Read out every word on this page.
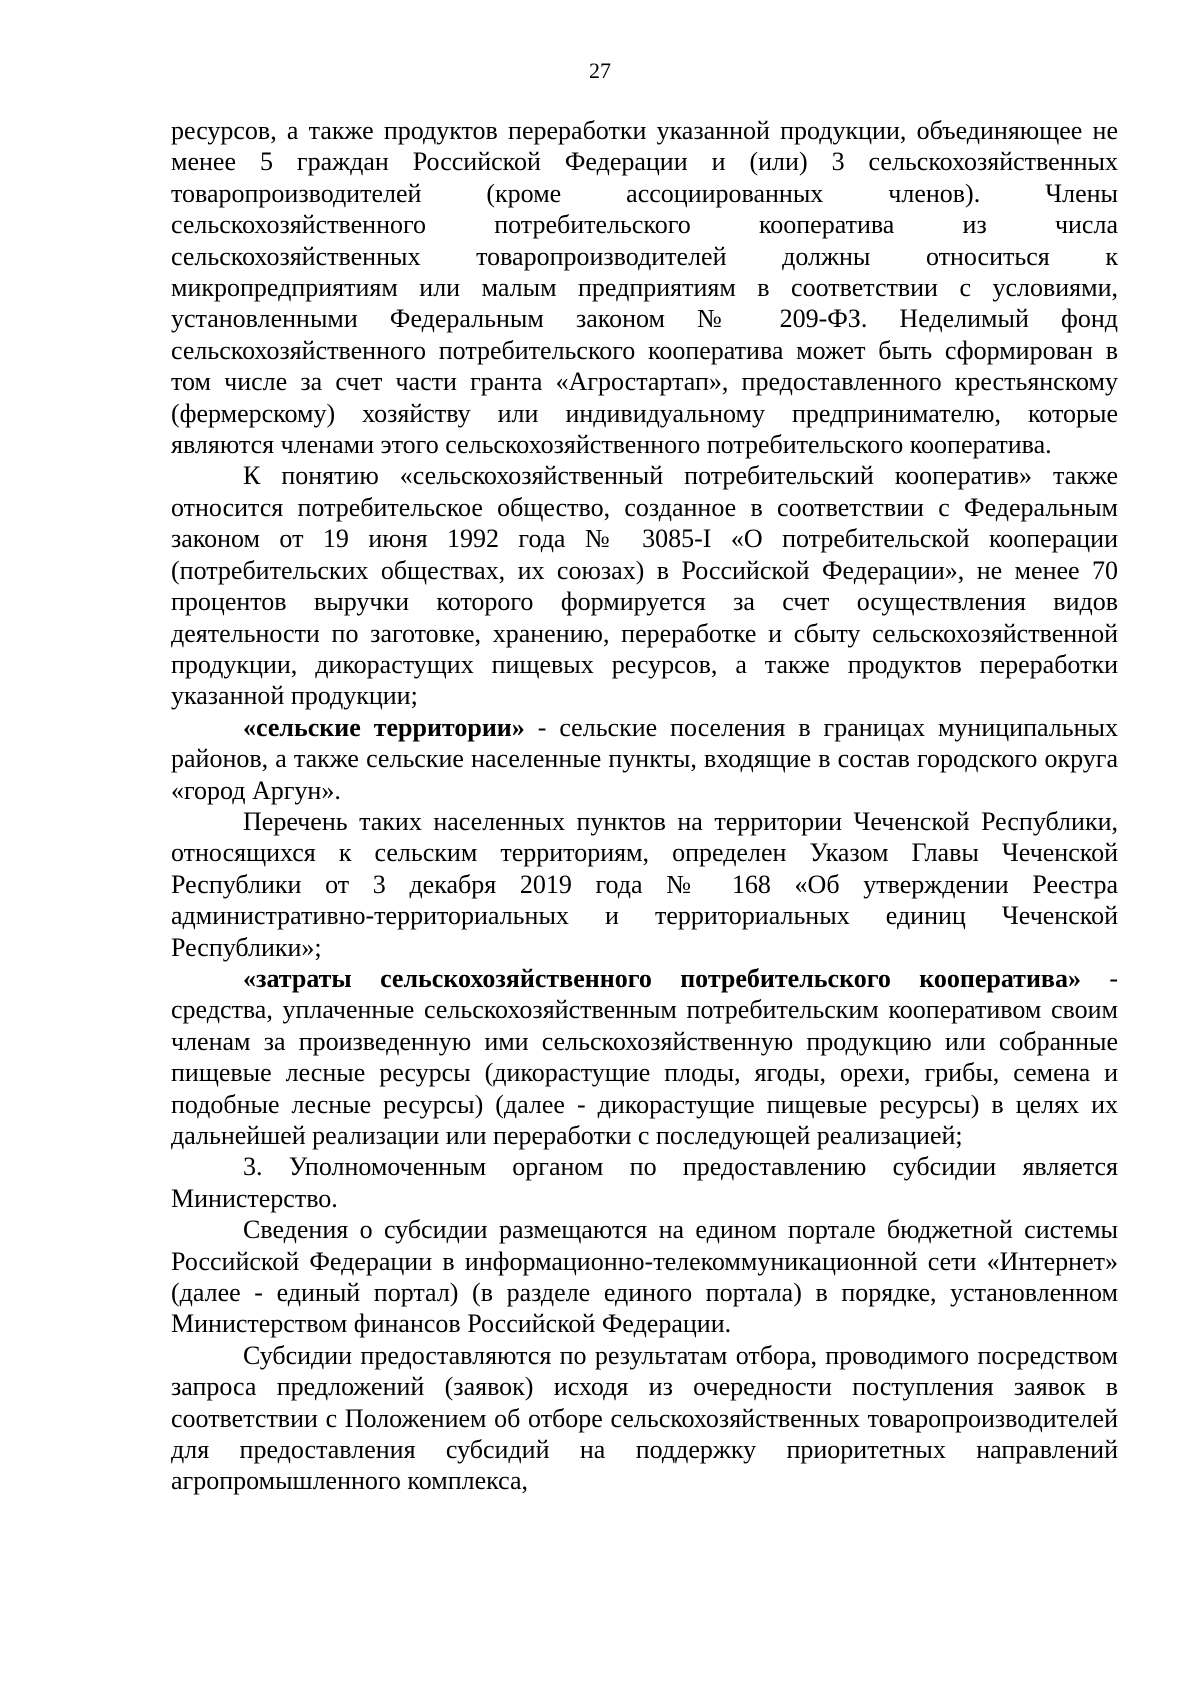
27

ресурсов, а также продуктов переработки указанной продукции, объединяющее не менее 5 граждан Российской Федерации и (или) 3 сельскохозяйственных товаропроизводителей (кроме ассоциированных членов). Члены сельскохозяйственного потребительского кооператива из числа сельскохозяйственных товаропроизводителей должны относиться к микропредприятиям или малым предприятиям в соответствии с условиями, установленными Федеральным законом № 209-ФЗ. Неделимый фонд сельскохозяйственного потребительского кооператива может быть сформирован в том числе за счет части гранта «Агростартап», предоставленного крестьянскому (фермерскому) хозяйству или индивидуальному предпринимателю, которые являются членами этого сельскохозяйственного потребительского кооператива.

К понятию «сельскохозяйственный потребительский кооператив» также относится потребительское общество, созданное в соответствии с Федеральным законом от 19 июня 1992 года № 3085-I «О потребительской кооперации (потребительских обществах, их союзах) в Российской Федерации», не менее 70 процентов выручки которого формируется за счет осуществления видов деятельности по заготовке, хранению, переработке и сбыту сельскохозяйственной продукции, дикорастущих пищевых ресурсов, а также продуктов переработки указанной продукции;

«сельские территории» - сельские поселения в границах муниципальных районов, а также сельские населенные пункты, входящие в состав городского округа «город Аргун».

Перечень таких населенных пунктов на территории Чеченской Республики, относящихся к сельским территориям, определен Указом Главы Чеченской Республики от 3 декабря 2019 года № 168 «Об утверждении Реестра административно-территориальных и территориальных единиц Чеченской Республики»;

«затраты сельскохозяйственного потребительского кооператива» - средства, уплаченные сельскохозяйственным потребительским кооперативом своим членам за произведенную ими сельскохозяйственную продукцию или собранные пищевые лесные ресурсы (дикорастущие плоды, ягоды, орехи, грибы, семена и подобные лесные ресурсы) (далее - дикорастущие пищевые ресурсы) в целях их дальнейшей реализации или переработки с последующей реализацией;

3. Уполномоченным органом по предоставлению субсидии является Министерство.

Сведения о субсидии размещаются на едином портале бюджетной системы Российской Федерации в информационно-телекоммуникационной сети «Интернет» (далее - единый портал) (в разделе единого портала) в порядке, установленном Министерством финансов Российской Федерации.

Субсидии предоставляются по результатам отбора, проводимого посредством запроса предложений (заявок) исходя из очередности поступления заявок в соответствии с Положением об отборе сельскохозяйственных товаропроизводителей для предоставления субсидий на поддержку приоритетных направлений агропромышленного комплекса,
